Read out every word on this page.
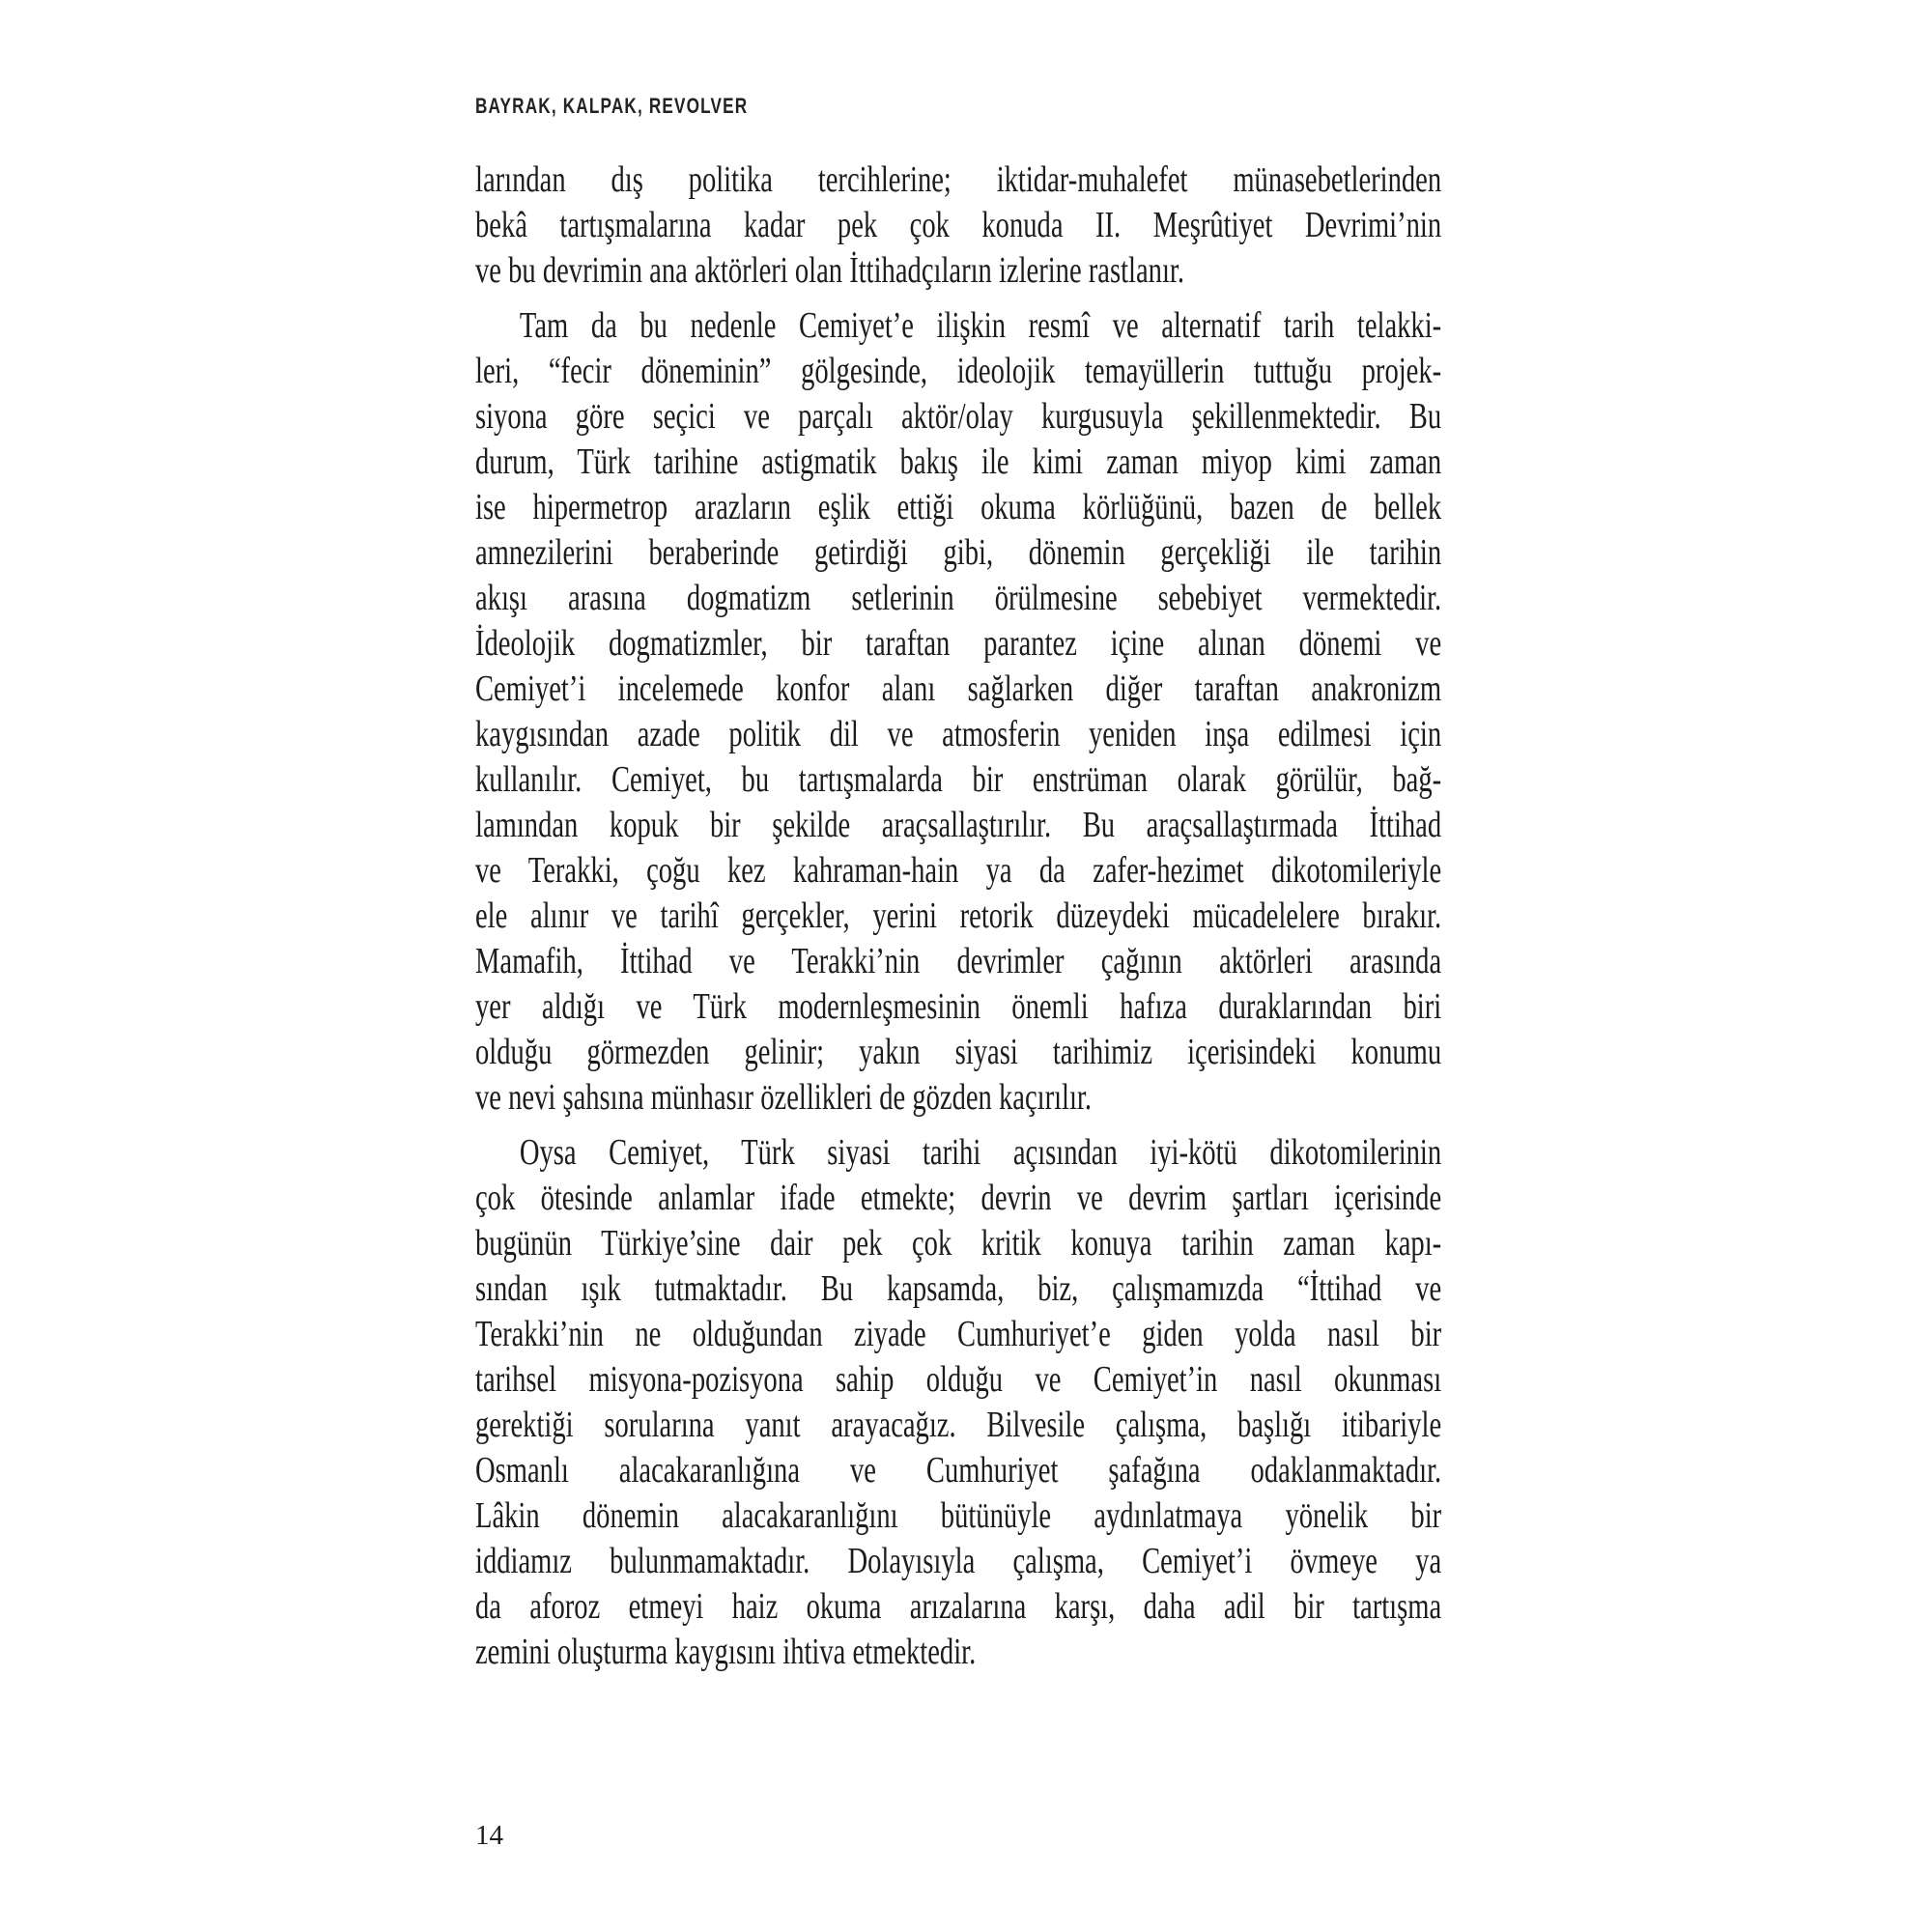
BAYRAK, KALPAK, REVOLVER
larından dış politika tercihlerine; iktidar-muhalefet münasebetlerinden
bekâ tartışmalarına kadar pek çok konuda II. Meşrûtiyet Devrimi’nin
ve bu devrimin ana aktörleri olan İttihadçıların izlerine rastlanır.
Tam da bu nedenle Cemiyet’e ilişkin resmî ve alternatif tarih telakki-
leri, “fecir döneminin” gölgesinde, ideolojik temayüllerin tuttuğu projek-
siyona göre seçici ve parçalı aktör/olay kurgusuyla şekillenmektedir. Bu
durum, Türk tarihine astigmatik bakış ile kimi zaman miyop kimi zaman
ise hipermetrop arazların eşlik ettiği okuma körlüğünü, bazen de bellek
amnezilerini beraberinde getirdiği gibi, dönemin gerçekliği ile tarihin
akışı arasına dogmatizm setlerinin örülmesine sebebiyet vermektedir.
İdeolojik dogmatizmler, bir taraftan parantez içine alınan dönemi ve
Cemiyet’i incelemede konfor alanı sağlarken diğer taraftan anakronizm
kaygısından azade politik dil ve atmosferin yeniden inşa edilmesi için
kullanılır. Cemiyet, bu tartışmalarda bir enstrüman olarak görülür, bağ-
lamından kopuk bir şekilde araçsallaştırılır. Bu araçsallaştırmada İttihad
ve Terakki, çoğu kez kahraman-hain ya da zafer-hezimet dikotomileriyle
ele alınır ve tarihî gerçekler, yerini retorik düzeydeki mücadelelere bırakır.
Mamafih, İttihad ve Terakki’nin devrimler çağının aktörleri arasında
yer aldığı ve Türk modernleşmesinin önemli hafıza duraklarından biri
olduğu görmezden gelinir; yakın siyasi tarihimiz içerisindeki konumu
ve nevi şahsına münhasır özellikleri de gözden kaçırılır.
Oysa Cemiyet, Türk siyasi tarihi açısından iyi-kötü dikotomilerinin
çok ötesinde anlamlar ifade etmekte; devrin ve devrim şartları içerisinde
bugünün Türkiye’sine dair pek çok kritik konuya tarihin zaman kapı-
sından ışık tutmaktadır. Bu kapsamda, biz, çalışmamızda “İttihad ve
Terakki’nin ne olduğundan ziyade Cumhuriyet’e giden yolda nasıl bir
tarihsel misyona-pozisyona sahip olduğu ve Cemiyet’in nasıl okunması
gerektiği sorularına yanıt arayacağız. Bilvesile çalışma, başlığı itibariyle
Osmanlı alacakaranlığına ve Cumhuriyet şafağına odaklanmaktadır.
Lâkin dönemin alacakaranlığını bütünüyle aydınlatmaya yönelik bir
iddiamız bulunmamaktadır. Dolayısıyla çalışma, Cemiyet’i övmeye ya
da aforoz etmeyi haiz okuma arızalarına karşı, daha adil bir tartışma
zemini oluşturma kaygısını ihtiva etmektedir.
14
